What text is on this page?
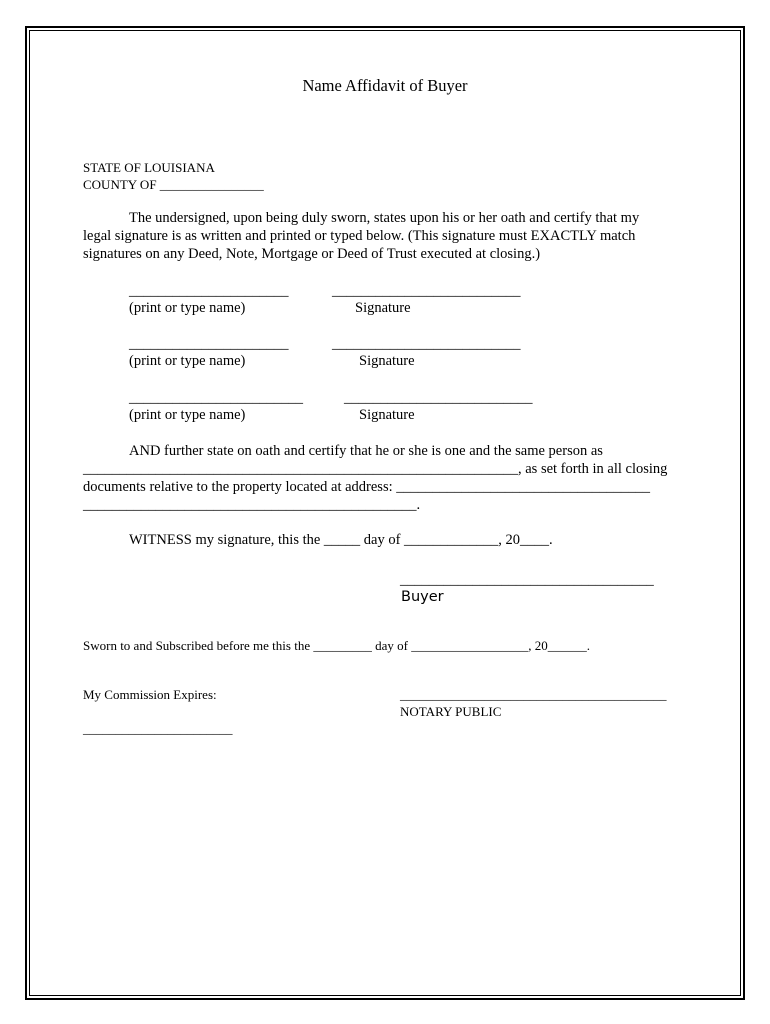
Name Affidavit of Buyer
STATE OF LOUISIANA
COUNTY OF ________________
The undersigned, upon being duly sworn, states upon his or her oath and certify that my
legal signature is as written and printed or typed below. (This signature must EXACTLY match
signatures on any Deed, Note, Mortgage or Deed of Trust executed at closing.)
______________________	__________________________
(print or type name)	Signature
______________________	__________________________
(print or type name)	Signature
________________________	__________________________
(print or type name)	Signature
AND further state on oath and certify that he or she is one and the same person as
____________________________________________________________, as set forth in all closing
documents relative to the property located at address: ___________________________________
______________________________________________.
WITNESS my signature, this the _____ day of _____________, 20____.
___________________________________
Buyer
Sworn to and Subscribed before me this the _________ day of __________________, 20______.
My Commission Expires:	_________________________________________
NOTARY PUBLIC
_______________________
